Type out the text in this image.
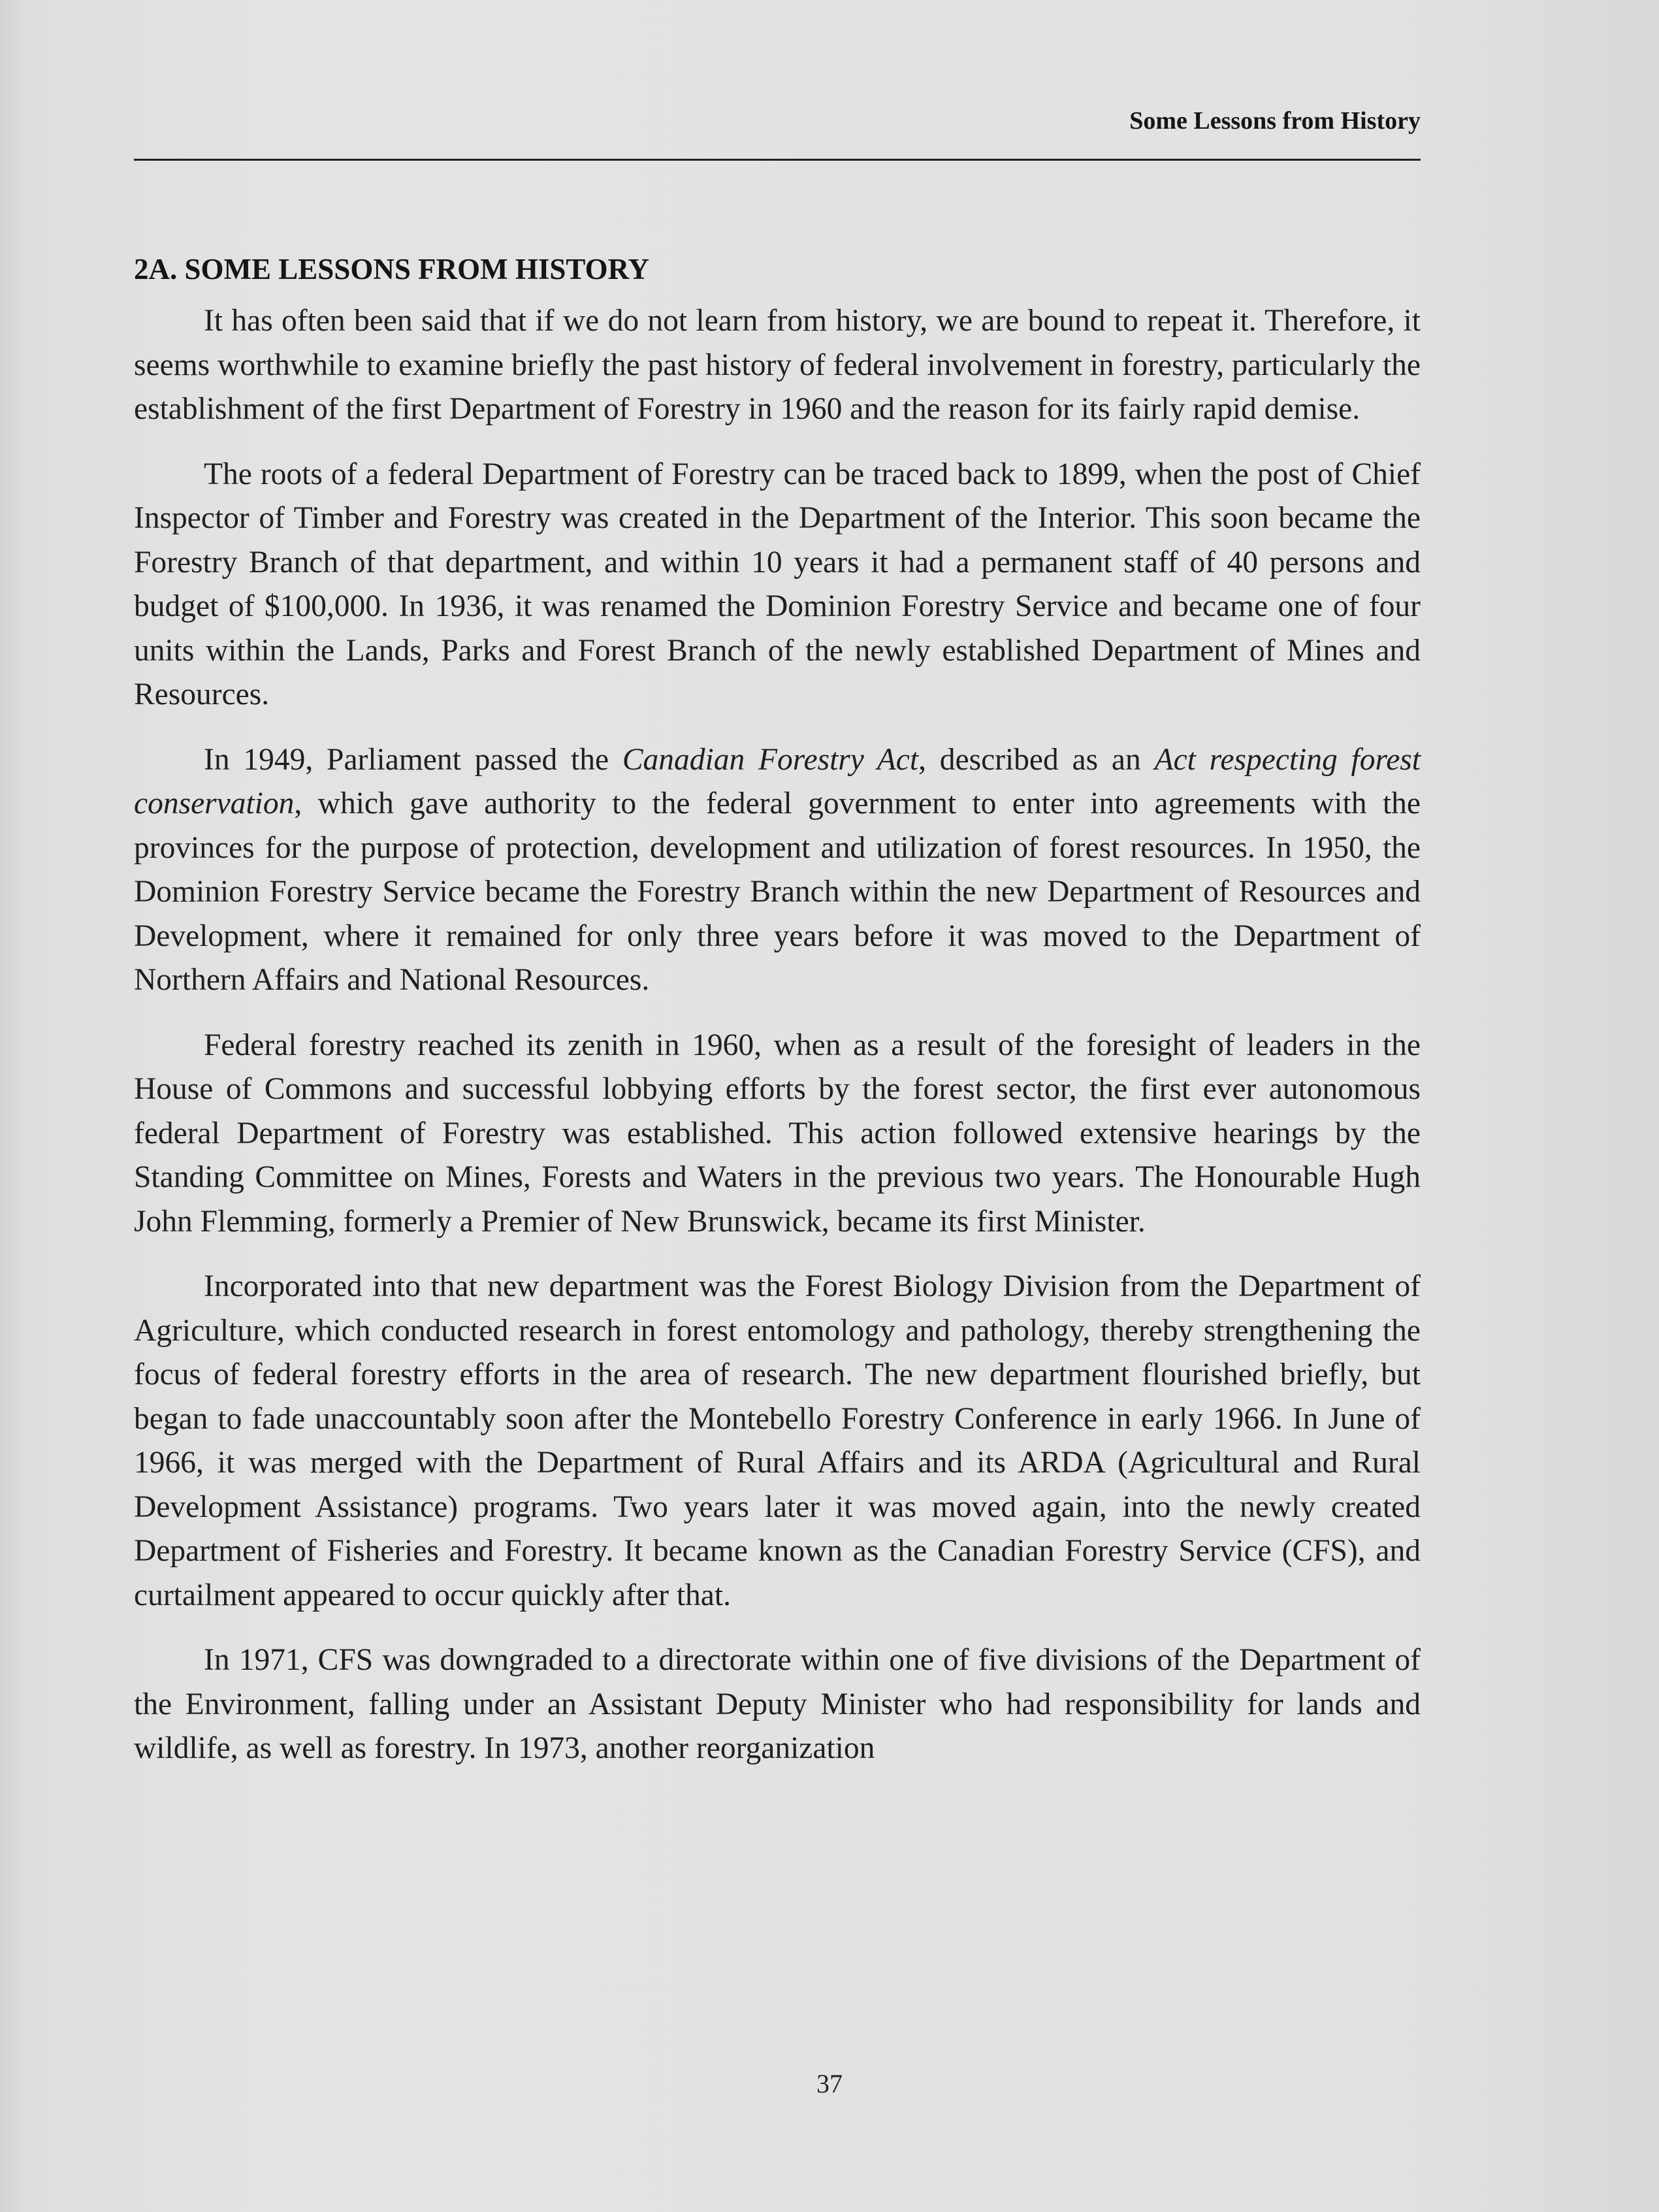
Some Lessons from History
2A. SOME LESSONS FROM HISTORY

It has often been said that if we do not learn from history, we are bound to repeat it. Therefore, it seems worthwhile to examine briefly the past history of federal involvement in forestry, particularly the establishment of the first Department of Forestry in 1960 and the reason for its fairly rapid demise.

The roots of a federal Department of Forestry can be traced back to 1899, when the post of Chief Inspector of Timber and Forestry was created in the Department of the Interior. This soon became the Forestry Branch of that department, and within 10 years it had a permanent staff of 40 persons and budget of $100,000. In 1936, it was renamed the Dominion Forestry Service and became one of four units within the Lands, Parks and Forest Branch of the newly established Department of Mines and Resources.

In 1949, Parliament passed the Canadian Forestry Act, described as an Act respecting forest conservation, which gave authority to the federal government to enter into agreements with the provinces for the purpose of protection, development and utilization of forest resources. In 1950, the Dominion Forestry Service became the Forestry Branch within the new Department of Resources and Development, where it remained for only three years before it was moved to the Department of Northern Affairs and National Resources.

Federal forestry reached its zenith in 1960, when as a result of the foresight of leaders in the House of Commons and successful lobbying efforts by the forest sector, the first ever autonomous federal Department of Forestry was established. This action followed extensive hearings by the Standing Committee on Mines, Forests and Waters in the previous two years. The Honourable Hugh John Flemming, formerly a Premier of New Brunswick, became its first Minister.

Incorporated into that new department was the Forest Biology Division from the Department of Agriculture, which conducted research in forest entomology and pathology, thereby strengthening the focus of federal forestry efforts in the area of research. The new department flourished briefly, but began to fade unaccountably soon after the Montebello Forestry Conference in early 1966. In June of 1966, it was merged with the Department of Rural Affairs and its ARDA (Agricultural and Rural Development Assistance) programs. Two years later it was moved again, into the newly created Department of Fisheries and Forestry. It became known as the Canadian Forestry Service (CFS), and curtailment appeared to occur quickly after that.

In 1971, CFS was downgraded to a directorate within one of five divisions of the Department of the Environment, falling under an Assistant Deputy Minister who had responsibility for lands and wildlife, as well as forestry. In 1973, another reorganization

37
